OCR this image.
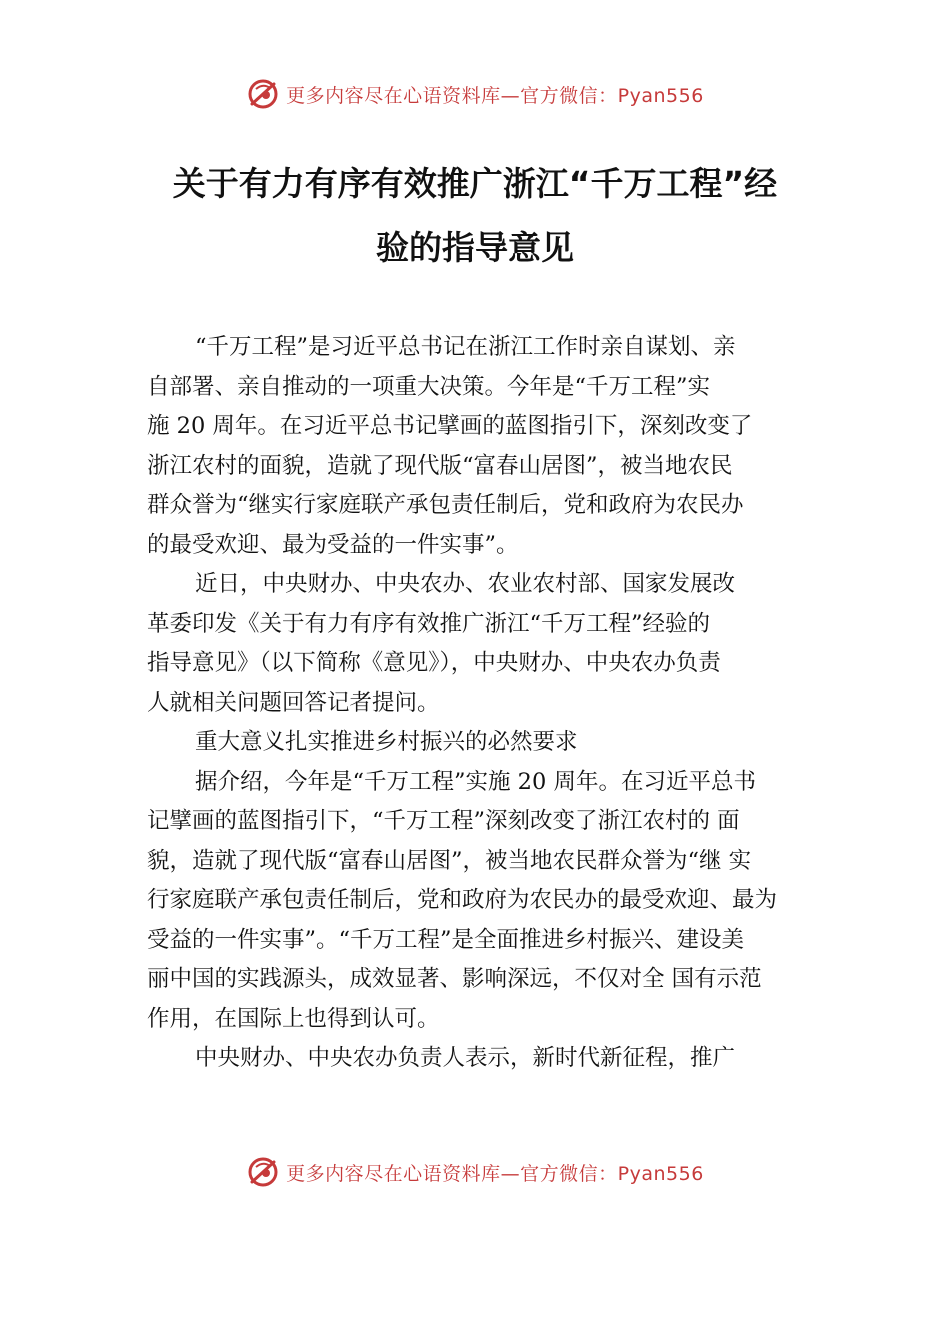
更多内容尽在心语资料库—官方微信：Pyan556
关于有力有序有效推广浙江“千万工程”经
验的指导意见
“千万工程”是习近平总书记在浙江工作时亲自谋划、亲
自部署、亲自推动的一项重大决策。今年是“千万工程”实
施 20 周年。在习近平总书记擘画的蓝图指引下，深刻改变了
浙江农村的面貌，造就了现代版“富春山居图”，被当地农民
群众誉为“继实行家庭联产承包责任制后，党和政府为农民办
的最受欢迎、最为受益的一件实事”。
近日，中央财办、中央农办、农业农村部、国家发展改
革委印发《关于有力有序有效推广浙江“千万工程”经验的
指导意见》（以下简称《意见》），中央财办、中央农办负责
人就相关问题回答记者提问。
重大意义扎实推进乡村振兴的必然要求
据介绍，今年是“千万工程”实施 20 周年。在习近平总书
记擘画的蓝图指引下，“千万工程”深刻改变了浙江农村的 面
貌，造就了现代版“富春山居图”，被当地农民群众誉为“继 实
行家庭联产承包责任制后，党和政府为农民办的最受欢迎、最为
受益的一件实事”。“千万工程”是全面推进乡村振兴、建设美
丽中国的实践源头，成效显著、影响深远，不仅对全 国有示范
作用，在国际上也得到认可。
中央财办、中央农办负责人表示，新时代新征程，推广
更多内容尽在心语资料库—官方微信：Pyan556
